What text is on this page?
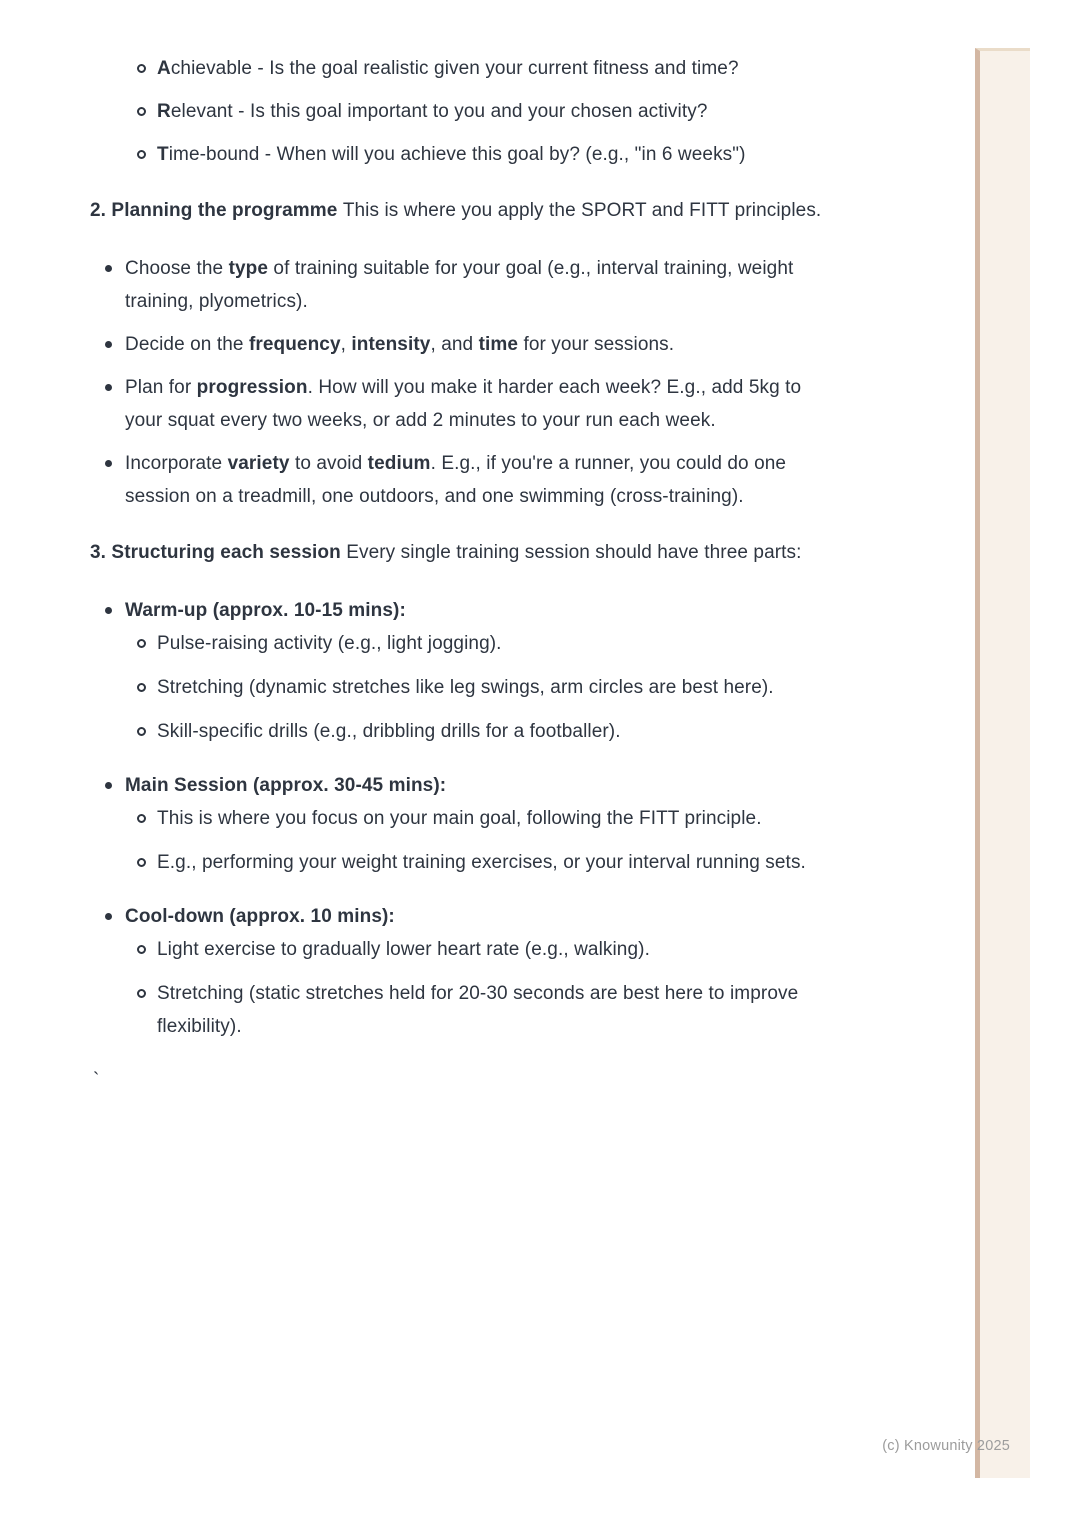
Achievable - Is the goal realistic given your current fitness and time?
Relevant - Is this goal important to you and your chosen activity?
Time-bound - When will you achieve this goal by? (e.g., "in 6 weeks")

2. Planning the programme This is where you apply the SPORT and FITT principles.

Choose the type of training suitable for your goal (e.g., interval training, weight training, plyometrics).
Decide on the frequency, intensity, and time for your sessions.
Plan for progression. How will you make it harder each week? E.g., add 5kg to your squat every two weeks, or add 2 minutes to your run each week.
Incorporate variety to avoid tedium. E.g., if you're a runner, you could do one session on a treadmill, one outdoors, and one swimming (cross-training).

3. Structuring each session Every single training session should have three parts:

Warm-up (approx. 10-15 mins):
Pulse-raising activity (e.g., light jogging).
Stretching (dynamic stretches like leg swings, arm circles are best here).
Skill-specific drills (e.g., dribbling drills for a footballer).
Main Session (approx. 30-45 mins):
This is where you focus on your main goal, following the FITT principle.
E.g., performing your weight training exercises, or your interval running sets.
Cool-down (approx. 10 mins):
Light exercise to gradually lower heart rate (e.g., walking).
Stretching (static stretches held for 20-30 seconds are best here to improve flexibility).

`

(c) Knowunity 2025
